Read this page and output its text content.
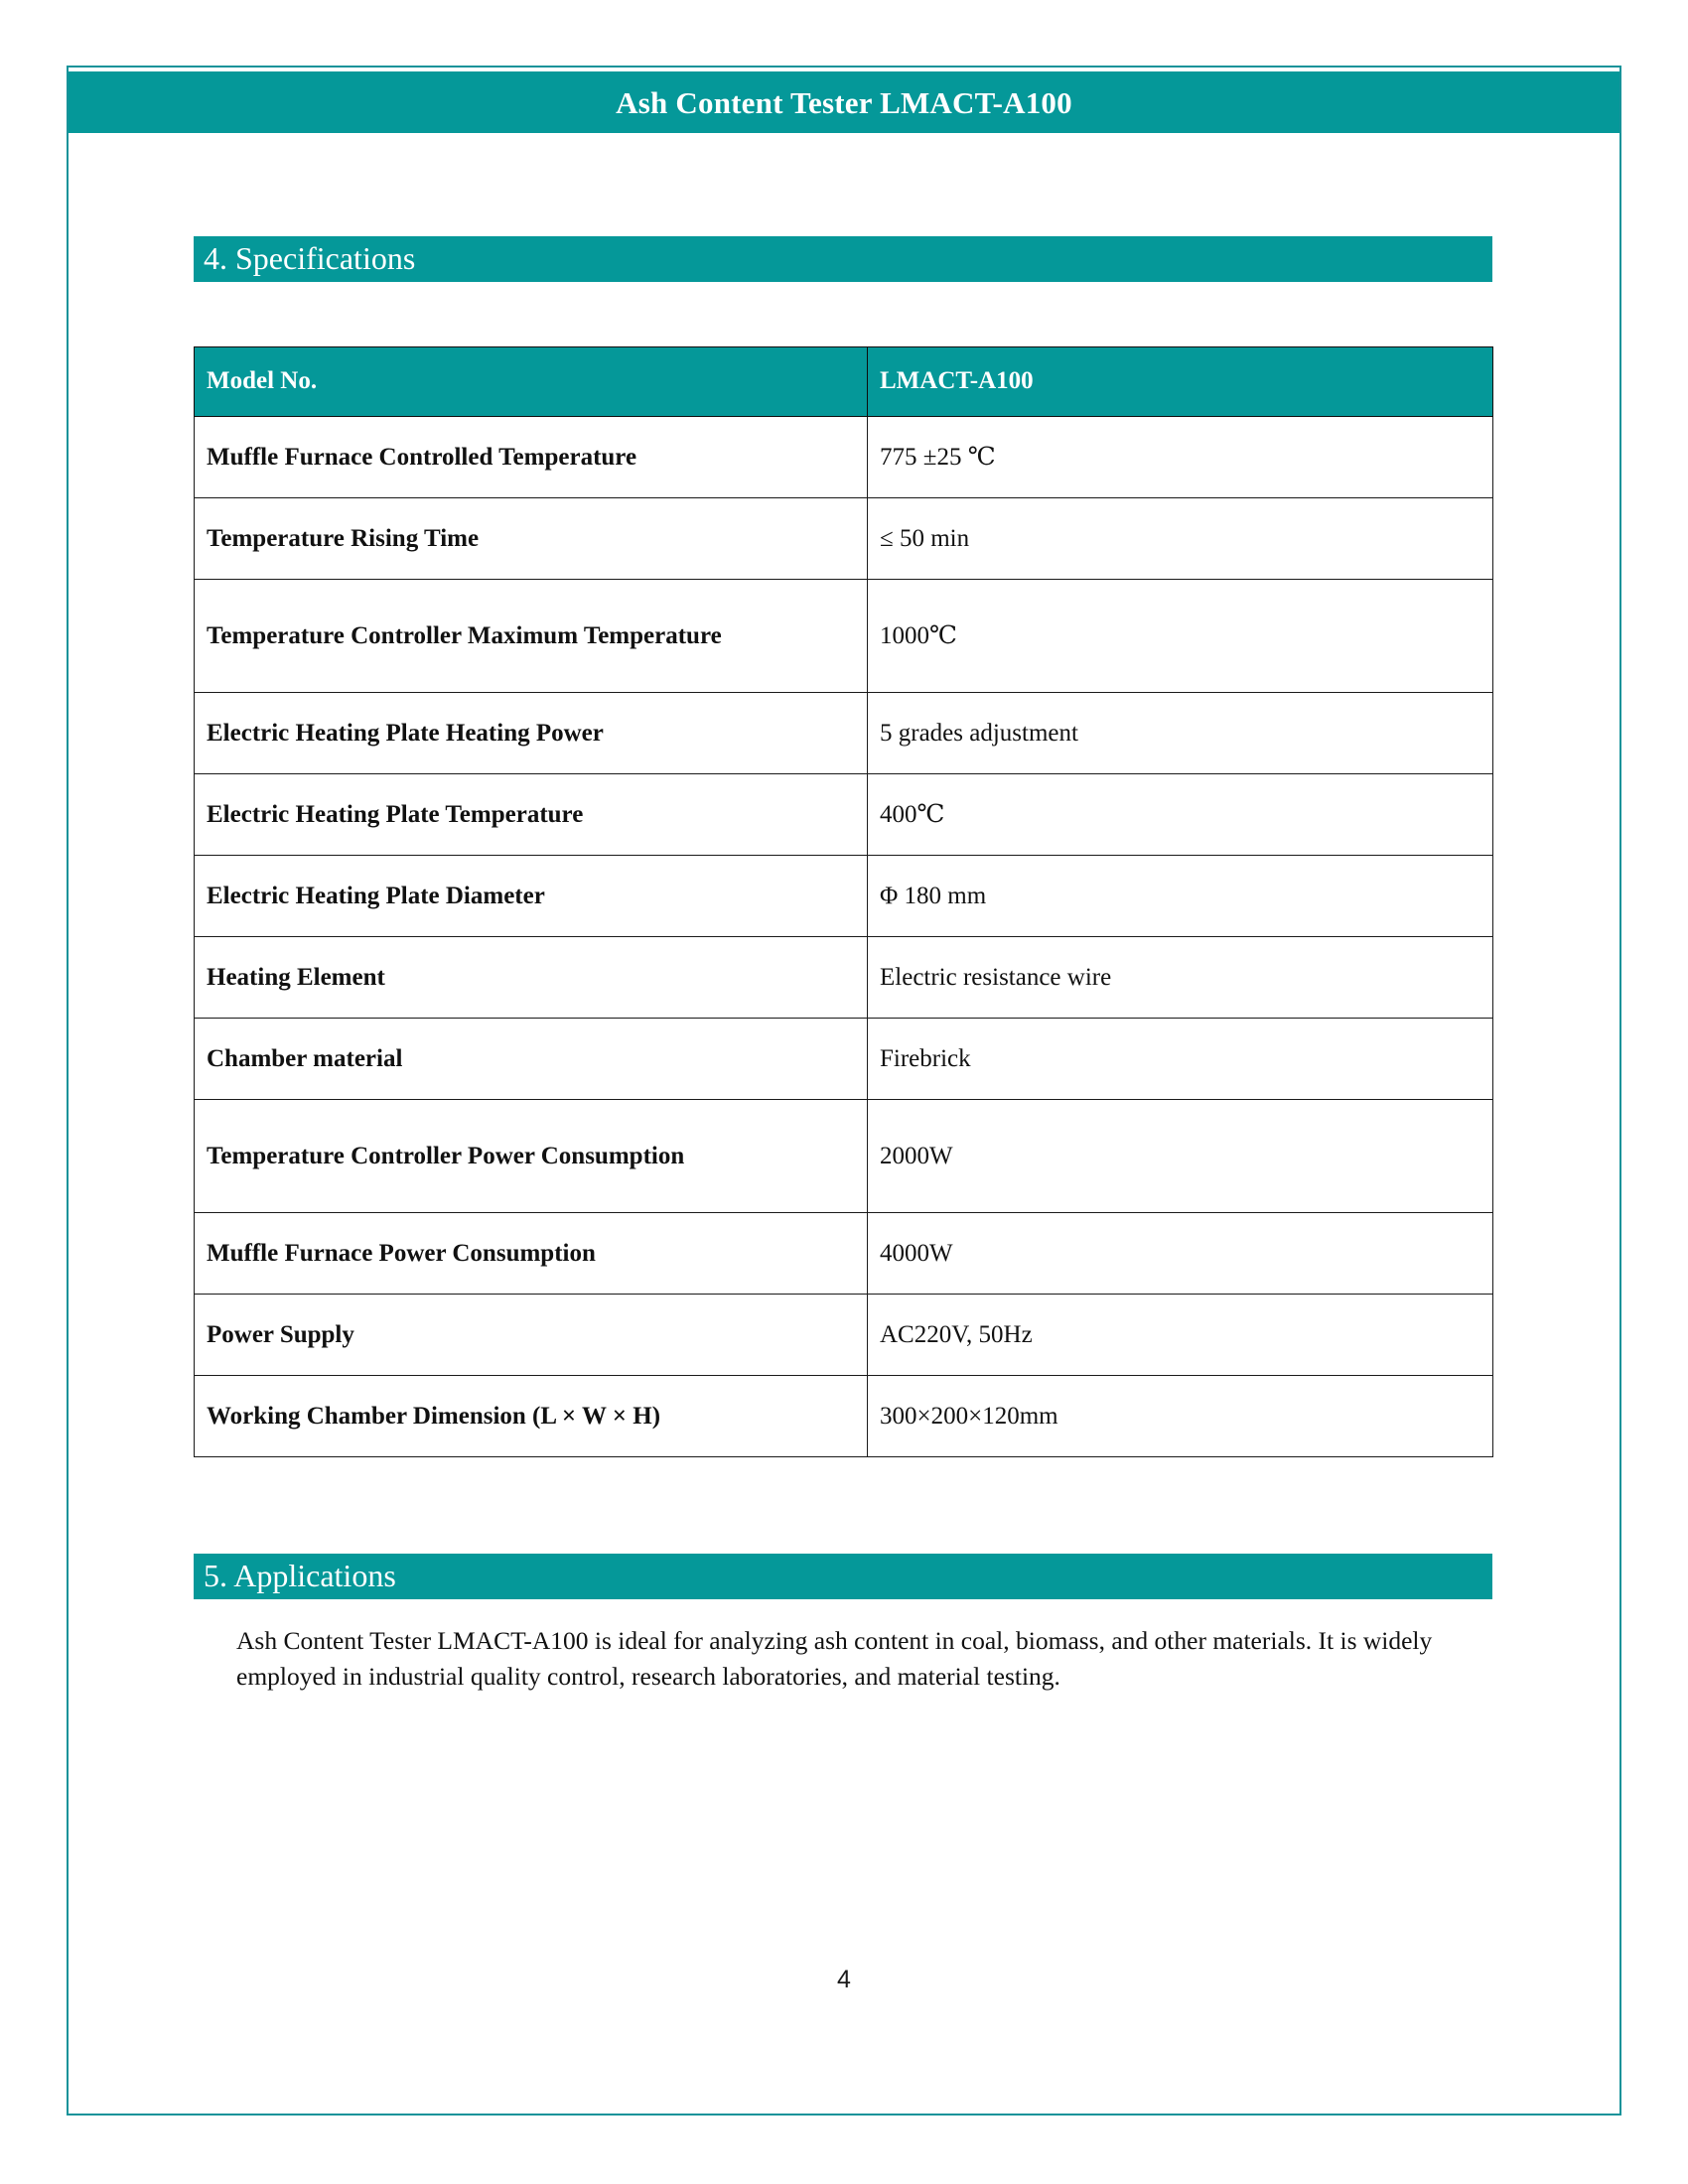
Ash Content Tester LMACT-A100
4. Specifications
Model No.	LMACT-A100
Muffle Furnace Controlled Temperature	775 ±25 ℃
Temperature Rising Time	≤ 50 min
Temperature Controller Maximum Temperature	1000℃
Electric Heating Plate Heating Power	5 grades adjustment
Electric Heating Plate Temperature	400℃
Electric Heating Plate Diameter	Φ 180 mm
Heating Element	Electric resistance wire
Chamber material	Firebrick
Temperature Controller Power Consumption	2000W
Muffle Furnace Power Consumption	4000W
Power Supply	AC220V, 50Hz
Working Chamber Dimension (L × W × H)	300×200×120mm
5. Applications
Ash Content Tester LMACT-A100 is ideal for analyzing ash content in coal, biomass, and other materials. It is widely employed in industrial quality control, research laboratories, and material testing.
4
